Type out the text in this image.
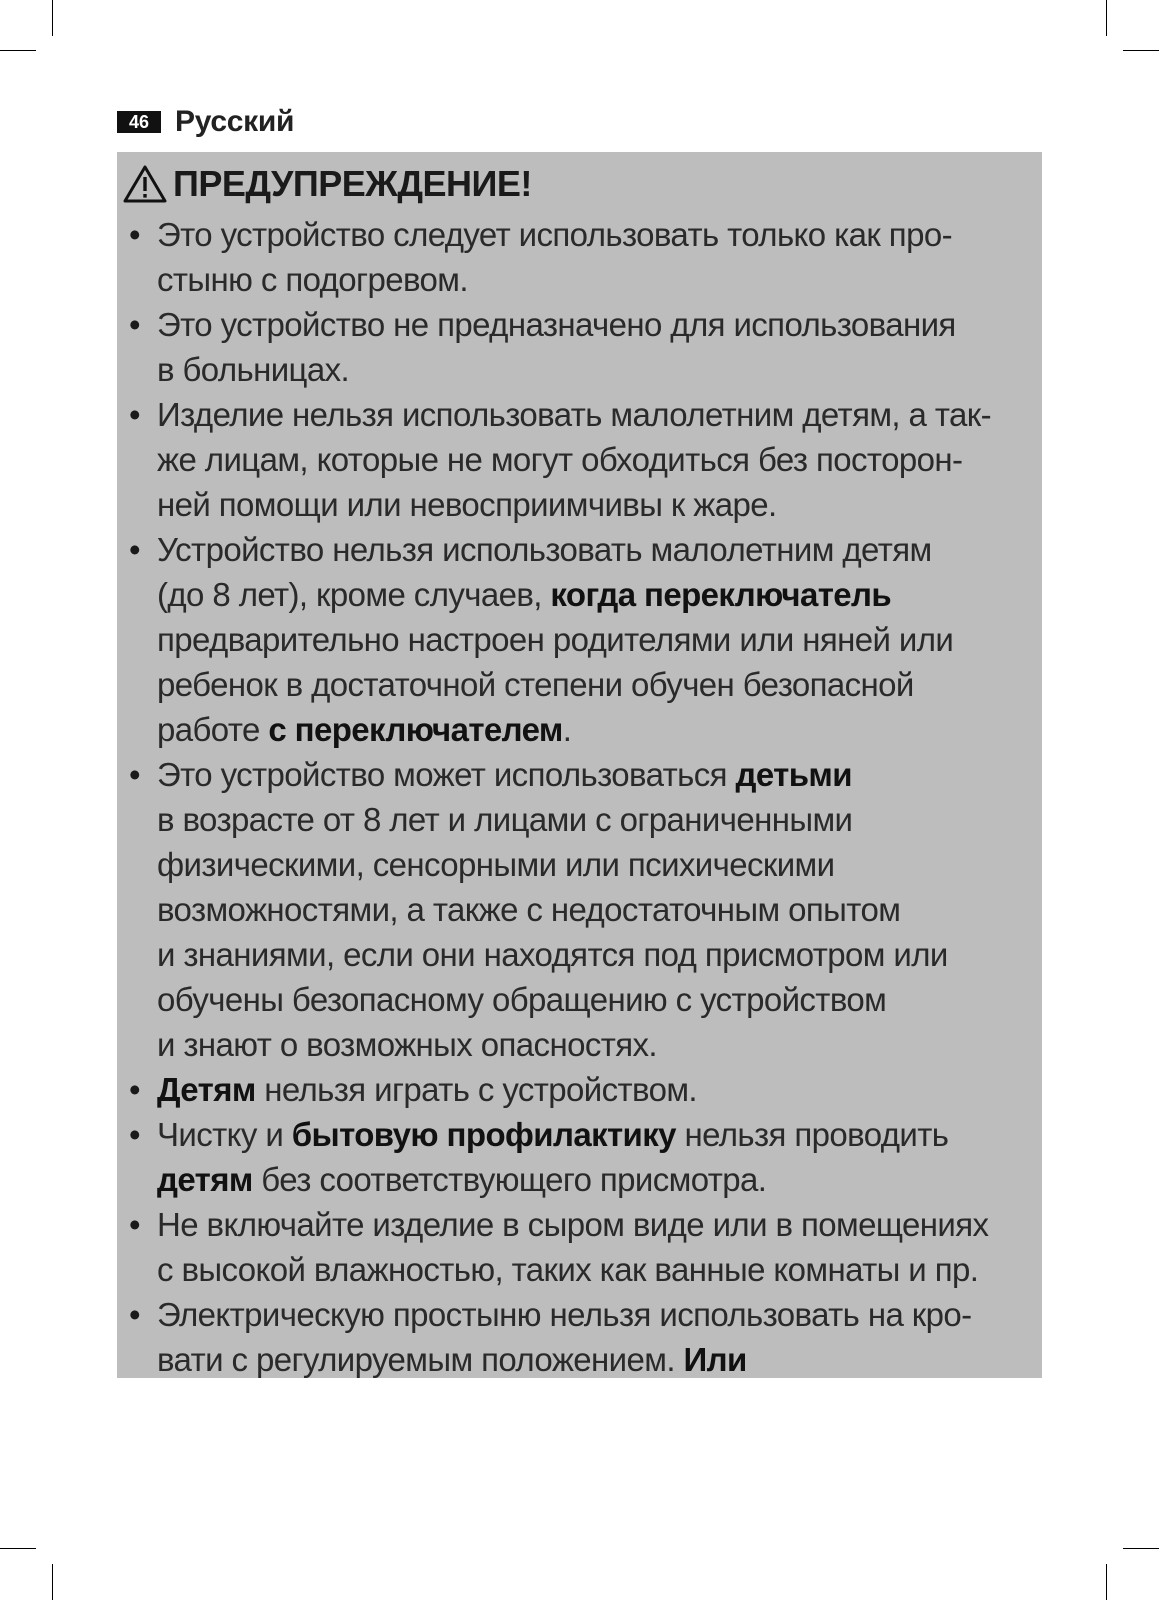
46 Русский
ПРЕДУПРЕЖДЕНИЕ!
• Это устройство следует использовать только как про-
стыню с подогревом.
• Это устройство не предназначено для использования
в больницах.
• Изделие нельзя использовать малолетним детям, а так-
же лицам, которые не могут обходиться без посторон-
ней помощи или невосприимчивы к жаре.
• Устройство нельзя использовать малолетним детям
(до 8 лет), кроме случаев, когда переключатель
предварительно настроен родителями или няней или
ребенок в достаточной степени обучен безопасной
работе с переключателем.
• Это устройство может использоваться детьми
в возрасте от 8 лет и лицами с ограниченными
физическими, сенсорными или психическими
возможностями, а также с недостаточным опытом
и знаниями, если они находятся под присмотром или
обучены безопасному обращению с устройством
и знают о возможных опасностях.
• Детям нельзя играть с устройством.
• Чистку и бытовую профилактику нельзя проводить
детям без соответствующего присмотра.
• Не включайте изделие в сыром виде или в помещениях
с высокой влажностью, таких как ванные комнаты и пр.
• Электрическую простыню нельзя использовать на кро-
вати с регулируемым положением. Или
